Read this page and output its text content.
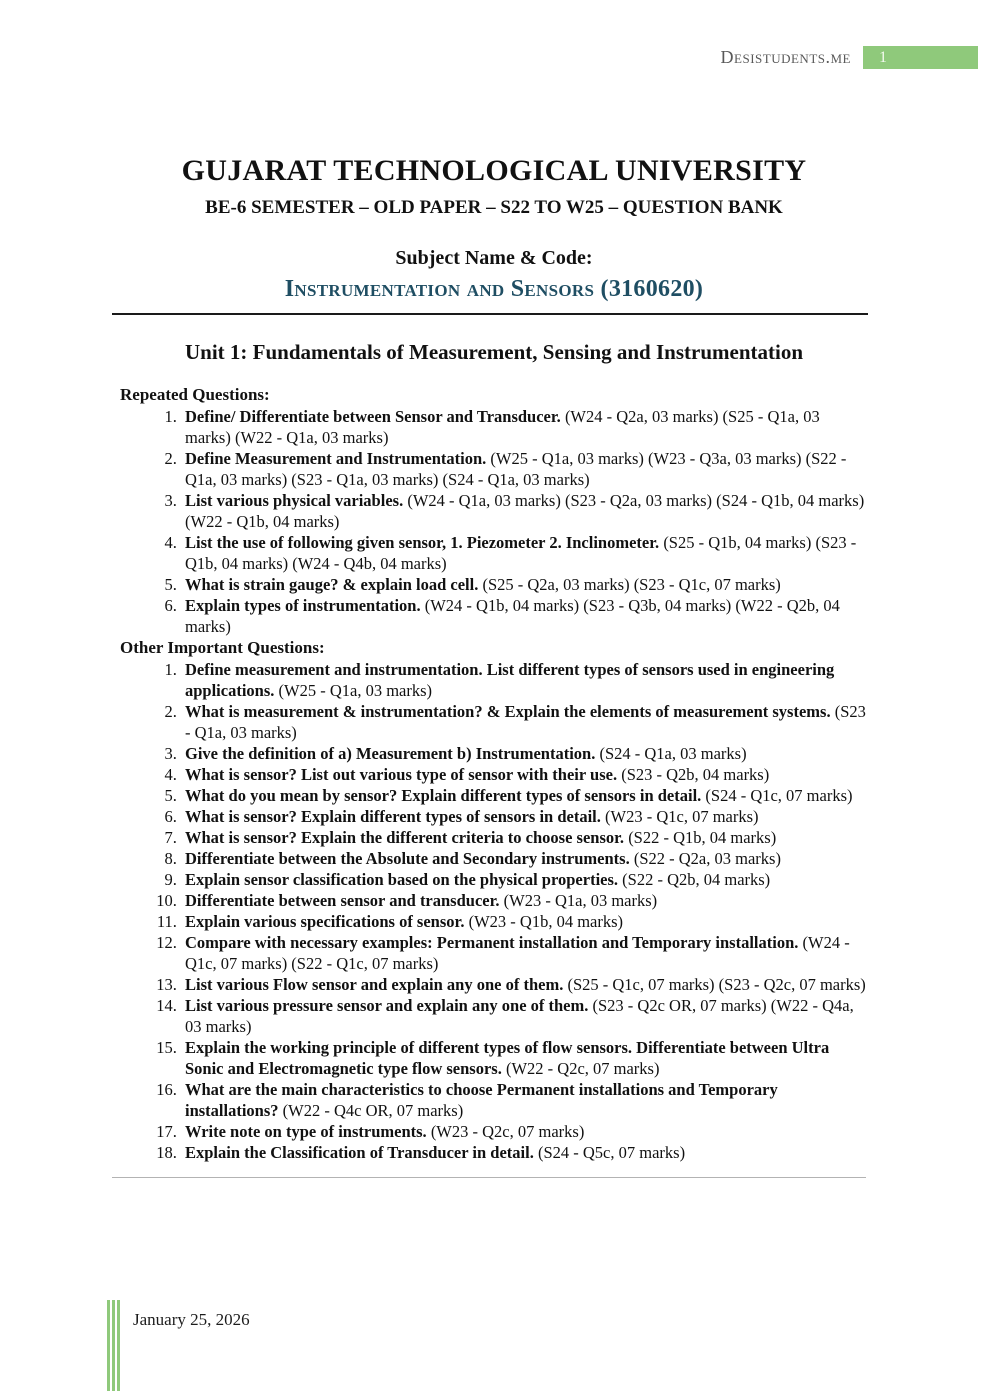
Desistudents.me	1
GUJARAT TECHNOLOGICAL UNIVERSITY
BE-6 SEMESTER – OLD PAPER – S22 TO W25 – QUESTION BANK
Subject Name & Code:
Instrumentation and Sensors (3160620)
Unit 1: Fundamentals of Measurement, Sensing and Instrumentation
Repeated Questions:
1. Define/ Differentiate between Sensor and Transducer. (W24 - Q2a, 03 marks) (S25 - Q1a, 03 marks) (W22 - Q1a, 03 marks)
2. Define Measurement and Instrumentation. (W25 - Q1a, 03 marks) (W23 - Q3a, 03 marks) (S22 - Q1a, 03 marks) (S23 - Q1a, 03 marks) (S24 - Q1a, 03 marks)
3. List various physical variables. (W24 - Q1a, 03 marks) (S23 - Q2a, 03 marks) (S24 - Q1b, 04 marks) (W22 - Q1b, 04 marks)
4. List the use of following given sensor, 1. Piezometer 2. Inclinometer. (S25 - Q1b, 04 marks) (S23 - Q1b, 04 marks) (W24 - Q4b, 04 marks)
5. What is strain gauge? & explain load cell. (S25 - Q2a, 03 marks) (S23 - Q1c, 07 marks)
6. Explain types of instrumentation. (W24 - Q1b, 04 marks) (S23 - Q3b, 04 marks) (W22 - Q2b, 04 marks)
Other Important Questions:
1. Define measurement and instrumentation. List different types of sensors used in engineering applications. (W25 - Q1a, 03 marks)
2. What is measurement & instrumentation? & Explain the elements of measurement systems. (S23 - Q1a, 03 marks)
3. Give the definition of a) Measurement b) Instrumentation. (S24 - Q1a, 03 marks)
4. What is sensor? List out various type of sensor with their use. (S23 - Q2b, 04 marks)
5. What do you mean by sensor? Explain different types of sensors in detail. (S24 - Q1c, 07 marks)
6. What is sensor? Explain different types of sensors in detail. (W23 - Q1c, 07 marks)
7. What is sensor? Explain the different criteria to choose sensor. (S22 - Q1b, 04 marks)
8. Differentiate between the Absolute and Secondary instruments. (S22 - Q2a, 03 marks)
9. Explain sensor classification based on the physical properties. (S22 - Q2b, 04 marks)
10. Differentiate between sensor and transducer. (W23 - Q1a, 03 marks)
11. Explain various specifications of sensor. (W23 - Q1b, 04 marks)
12. Compare with necessary examples: Permanent installation and Temporary installation. (W24 - Q1c, 07 marks) (S22 - Q1c, 07 marks)
13. List various Flow sensor and explain any one of them. (S25 - Q1c, 07 marks) (S23 - Q2c, 07 marks)
14. List various pressure sensor and explain any one of them. (S23 - Q2c OR, 07 marks) (W22 - Q4a, 03 marks)
15. Explain the working principle of different types of flow sensors. Differentiate between Ultra Sonic and Electromagnetic type flow sensors. (W22 - Q2c, 07 marks)
16. What are the main characteristics to choose Permanent installations and Temporary installations? (W22 - Q4c OR, 07 marks)
17. Write note on type of instruments. (W23 - Q2c, 07 marks)
18. Explain the Classification of Transducer in detail. (S24 - Q5c, 07 marks)
January 25, 2026
